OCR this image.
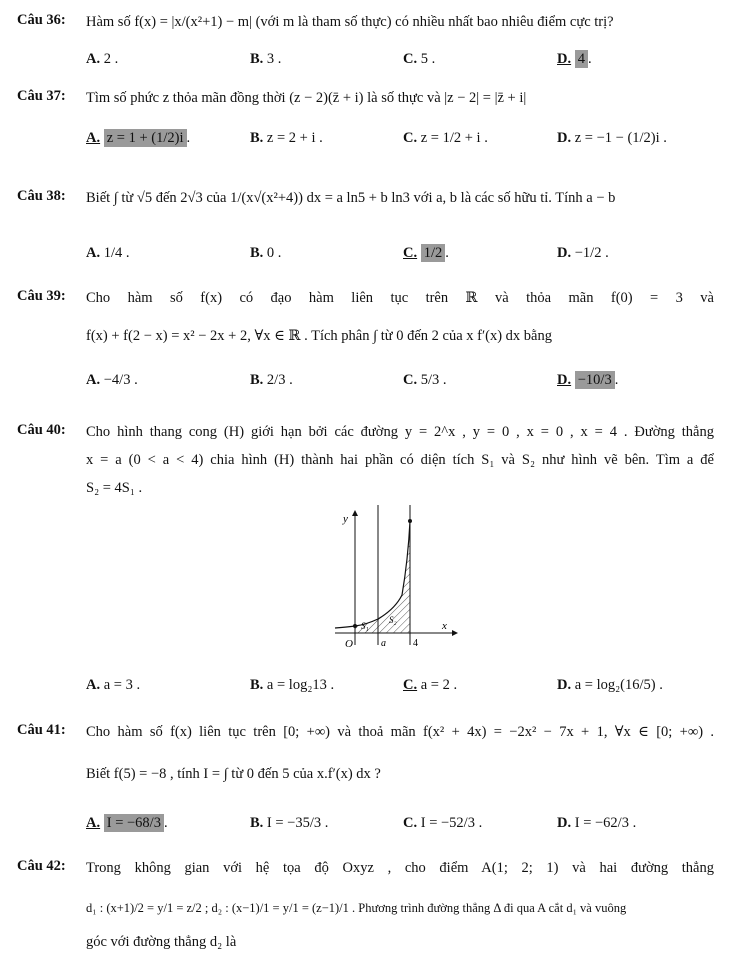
Câu 36: Hàm số f(x) = |x/(x²+1) − m| (với m là tham số thực) có nhiều nhất bao nhiêu điểm cực trị?
A. 2 .	B. 3 .	C. 5 .	D. 4 .
Câu 37: Tìm số phức z thỏa mãn đồng thời (z − 2)(z̄ + i) là số thực và |z − 2| = |z̄ + i|
A. z = 1 + (1/2)i .	B. z = 2 + i .	C. z = 1/2 + i .	D. z = −1 − (1/2)i .
Câu 38: Biết ∫ từ √5 đến 2√3 của 1/(x√(x²+4)) dx = a ln5 + b ln3 với a, b là các số hữu tỉ. Tính a − b
A. 1/4 .	B. 0 .	C. 1/2 .	D. −1/2 .
Câu 39: Cho hàm số f(x) có đạo hàm liên tục trên ℝ và thỏa mãn f(0) = 3 và
f(x) + f(2 − x) = x² − 2x + 2, ∀x ∈ ℝ . Tích phân ∫ từ 0 đến 2 của x f′(x) dx bằng
A. −4/3 .	B. 2/3 .	C. 5/3 .	D. −10/3 .
Câu 40: Cho hình thang cong (H) giới hạn bởi các đường y = 2^x , y = 0 , x = 0 , x = 4 . Đường thẳng
x = a (0 < a < 4) chia hình (H) thành hai phần có diện tích S₁ và S₂ như hình vẽ bên. Tìm a để
S₂ = 4S₁ .
y
x
O	a	4
S₁
S₂
A. a = 3 .	B. a = log₂13 .	C. a = 2 .	D. a = log₂(16/5) .
Câu 41: Cho hàm số f(x) liên tục trên [0; +∞) và thoả mãn f(x² + 4x) = −2x² − 7x + 1, ∀x ∈ [0; +∞) .
Biết f(5) = −8 , tính I = ∫ từ 0 đến 5 của x.f′(x) dx ?
A. I = −68/3 .	B. I = −35/3 .	C. I = −52/3 .	D. I = −62/3 .
Câu 42: Trong không gian với hệ tọa độ Oxyz , cho điểm A(1; 2; 1) và hai đường thẳng
d₁ : (x+1)/2 = y/1 = z/2 ; d₂ : (x−1)/1 = y/1 = (z−1)/1 . Phương trình đường thẳng Δ đi qua A cắt d₁ và vuông
góc với đường thẳng d₂ là
